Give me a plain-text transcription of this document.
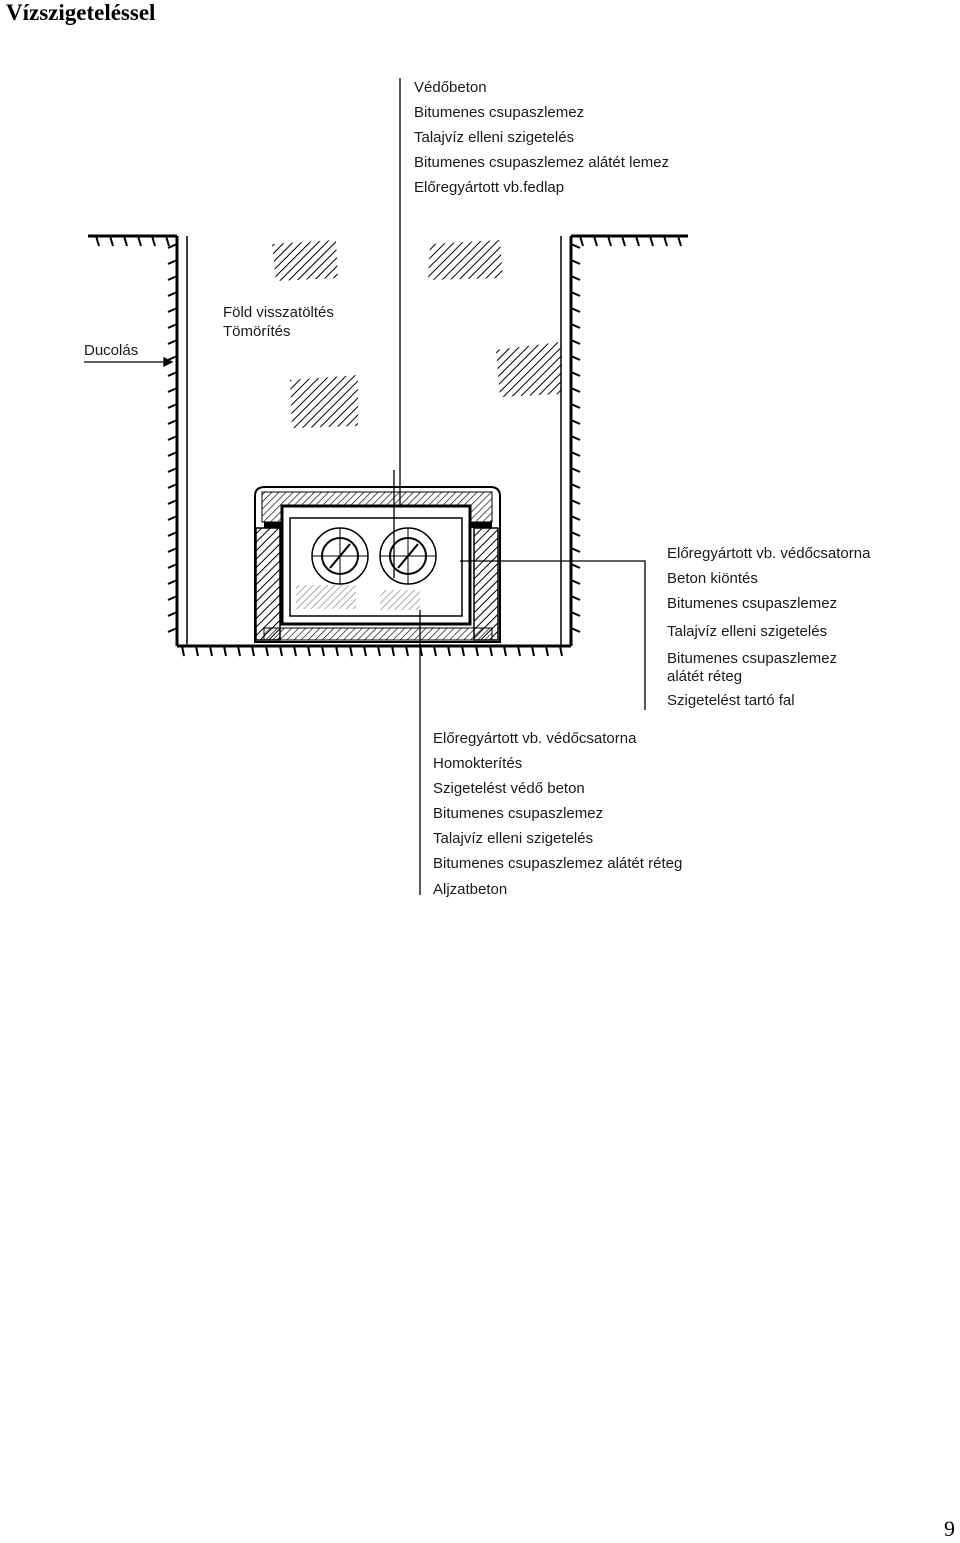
Vízszigeteléssel
Védőbeton
Bitumenes csupaszlemez
Talajvíz elleni szigetelés
Bitumenes csupaszlemez alátét lemez
Előregyártott vb.fedlap
Ducolás
Föld visszatöltés
Tömörítés
Előregyártott vb. védőcsatorna
Beton kiöntés
Bitumenes csupaszlemez
Talajvíz elleni szigetelés
Bitumenes csupaszlemez
alátét réteg
Szigetelést tartó fal
Előregyártott vb. védőcsatorna
Homokterítés
Szigetelést védő beton
Bitumenes csupaszlemez
Talajvíz elleni szigetelés
Bitumenes csupaszlemez alátét réteg
Aljzatbeton
9
